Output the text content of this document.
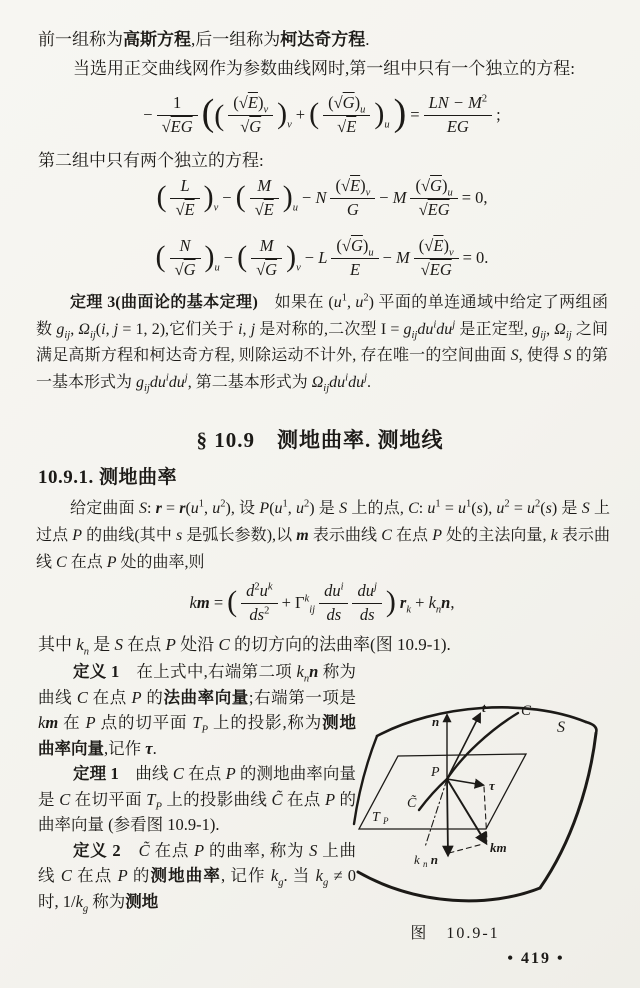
前一组称为高斯方程,后一组称为柯达奇方程.
当选用正交曲线网作为参数曲线网时,第一组中只有一个独立的方程:
− $\frac{1}{√EG}$ (( $\frac{(√E)_v}{√G} )_v$
+ ( $\frac{(√G)_u}{√E} )_u$ ) = $\frac{LN - M^2}{EG}$ ;
第二组中只有两个独立的方程:
( $\frac{L}{√E} )_v$
− ( $\frac{M}{√E} )_u$
− N $\frac{(√E)_v}{G} - M \frac{(√G)_u}{√EG} = 0$,
( $\frac{N}{√G} )_u$
− ( $\frac{M}{√G} )_v$
− L $\frac{(√G)_u}{E} - M \frac{(√E)_v}{√EG} = 0$.
定理 3(曲面论的基本定理)　如果在 ($u^1$, $u^2$) 平面的单连通域中给定了两组函数 $g_{ij}$, $\Omega_{ij}(i$, j = 1, 2),它们关于 i, j 是对称的,二次型 $I = g_{ij}du^idu^j$ 是正定型, $g_{ij}$, $\Omega_{ij}$ 之间满足高斯方程和柯达奇方程, 则除运动不计外, 存在唯一的空间曲面 S, 使得 S 的第一基本形式为 $g_{ij}du^idu^j$, 第二基本形式为 $\Omega_{ij}du^idu^j$.
§ 10.9　测地曲率. 测地线
10.9.1. 测地曲率
给定曲面 S: $r = r(u^1$, $u^2$), 设 $P(u^1$, $u^2$) 是 S 上的点, C: $u^1 = u^1(s)$, $u^2 = u^2(s)$ 是 S 上过点 P 的曲线(其中 s 是弧长参数),以 m 表示曲线 C 在点 P 处的主法向量, k 表示曲线 C 在点 P 处的曲率,则
km = ( $\frac{d^2u^k}{ds^2} + \Gamma^k_{ij} \frac{du^i}{ds} \frac{du^j}{ds}$ ) $r_k + k_nn$,
其中 $k_n$ 是 S 在点 P 处沿 C 的切方向的法曲率(图 10.9-1).

定义 1　在上式中,右端第二项 $k_nn$ 称为曲线 C 在点 P 的法曲率向量;右端第一项是 km 在 P 点的切平面 $T_P$ 上的投影,称为测地曲率向量,记作 τ.

定理 1　曲线 C 在点 P 的测地曲率向量是 C 在切平面 $T_P$ 上的投影曲线 C̃ 在点 P 的曲率向量 (参看图 10.9-1).

定义 2　 C̃ 在点 P 的曲率, 称为 S 上曲线 C 在点 P 的测地曲率, 记作 $k_g$. 当 $k_g \ne 0$ 时, $1/k_g$ 称为测地

n
t C
S
P
τ
C̃
T $_P$
k $_n$ n
km
图　10.9-1
• 419 •
